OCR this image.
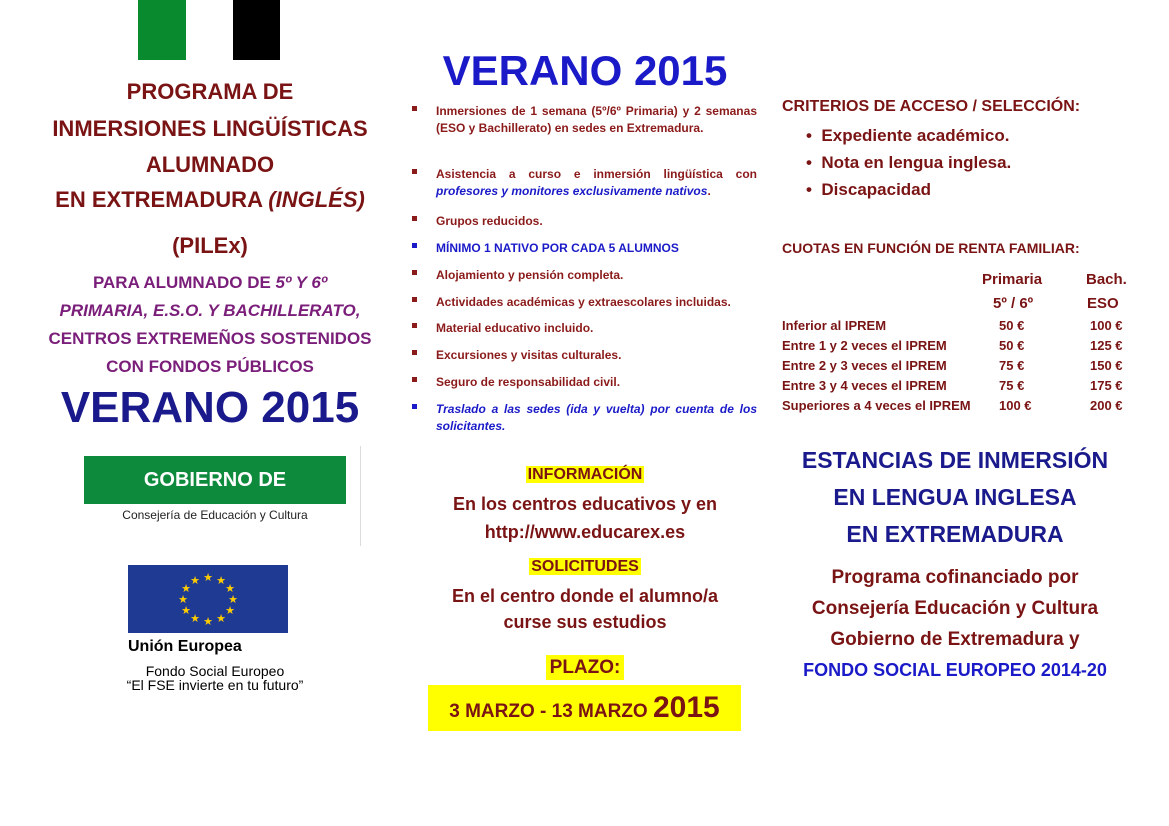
PROGRAMA DE
INMERSIONES LINGÜÍSTICAS
ALUMNADO
EN EXTREMADURA (INGLÉS)
(PILEx)
PARA ALUMNADO DE 5º Y 6º
PRIMARIA, E.S.O. Y BACHILLERATO,
CENTROS EXTREMEÑOS SOSTENIDOS
CON FONDOS PÚBLICOS
VERANO 2015
GOBIERNO DE EXTREMADURA
Consejería de Educación y Cultura
★ ★
★
★
★
★
★
★
★
★
★
★
Unión Europea
Fondo Social Europeo
“El FSE invierte en tu futuro”
VERANO 2015
Inmersiones de 1 semana (5º/6º Primaria) y 2 semanas (ESO y Bachillerato) en sedes en Extremadura.
Asistencia a curso e inmersión lingüística con profesores y monitores exclusivamente nativos.
Grupos reducidos.
MÍNIMO 1 NATIVO POR CADA 5 ALUMNOS
Alojamiento y pensión completa.
Actividades académicas y extraescolares incluidas.
Material educativo incluido.
Excursiones y visitas culturales.
Seguro de responsabilidad civil.
Traslado a las sedes (ida y vuelta) por cuenta de los solicitantes.
INFORMACIÓN
En los centros educativos y en
http://www.educarex.es
SOLICITUDES
En el centro donde el alumno/a
curse sus estudios
PLAZO:
3 MARZO - 13 MARZO 2015
CRITERIOS DE ACCESO / SELECCIÓN:
• Expediente académico.
• Nota en lengua inglesa.
• Discapacidad
CUOTAS EN FUNCIÓN DE RENTA FAMILIAR:
Primaria	Bach.
5º / 6º	ESO
Inferior al IPREM	50 €	100 €
Entre 1 y 2 veces el IPREM	50 €	125 €
Entre 2 y 3 veces el IPREM	75 €	150 €
Entre 3 y 4 veces el IPREM	75 €	175 €
Superiores a 4 veces el IPREM 100 €	200 €
ESTANCIAS DE INMERSIÓN
EN LENGUA INGLESA
EN EXTREMADURA
Programa cofinanciado por
Consejería Educación y Cultura
Gobierno de Extremadura y
FONDO SOCIAL EUROPEO 2014-20
